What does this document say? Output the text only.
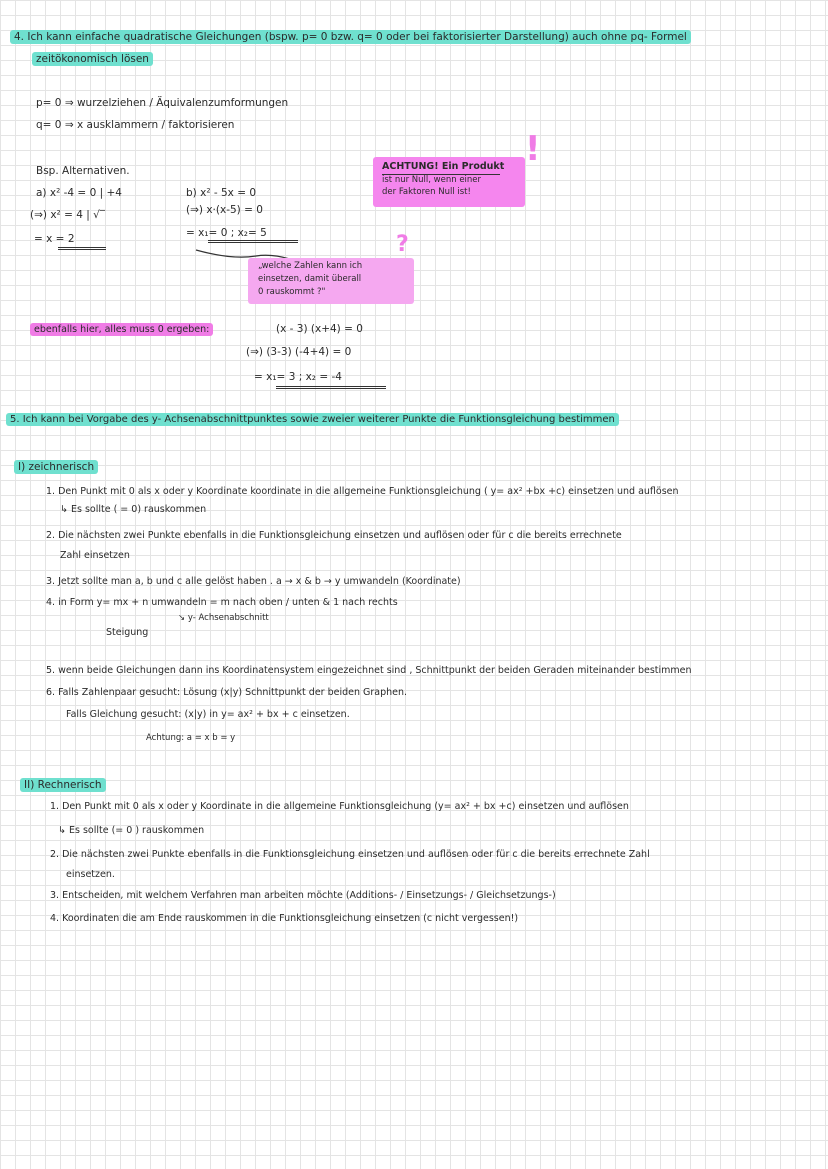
4. Ich kann einfache quadratische Gleichungen (bspw. p= 0 bzw. q= 0 oder bei faktorisierter Darstellung) auch ohne pq- Formel
zeitökonomisch lösen
p= 0 ⇒ wurzelziehen / Äquivalenzumformungen
q= 0 ⇒ x ausklammern / faktorisieren
Bsp. Alternativen.
a) x² -4 = 0 | +4
(⇒) x² = 4 | √‾
= x = 2
b) x² - 5x = 0
(⇒) x·(x-5) = 0
= x₁= 0 ; x₂= 5
ACHTUNG! Ein Produkt
ist nur Null, wenn einer
der Faktoren Null ist!
!
„welche Zahlen kann ich
einsetzen, damit überall
0 rauskommt ?"
?
ebenfalls hier, alles muss 0 ergeben:	(x - 3) (x+4) = 0
(⇒) (3-3) (-4+4) = 0
= x₁= 3 ; x₂ = -4
5. Ich kann bei Vorgabe des y- Achsenabschnittpunktes sowie zweier weiterer Punkte die Funktionsgleichung bestimmen
I) zeichnerisch
1. Den Punkt mit 0 als x oder y Koordinate koordinate in die allgemeine Funktionsgleichung ( y= ax² +bx +c) einsetzen und auflösen
↳ Es sollte ( = 0) rauskommen
2. Die nächsten zwei Punkte ebenfalls in die Funktionsgleichung einsetzen und auflösen oder für c die bereits errechnete
Zahl einsetzen
3. Jetzt sollte man a, b und c alle gelöst haben . a → x & b → y umwandeln (Koordinate)
4. in Form y= mx + n umwandeln = m nach oben / unten & 1 nach rechts
↘ y- Achsenabschnitt
Steigung
5. wenn beide Gleichungen dann ins Koordinatensystem eingezeichnet sind , Schnittpunkt der beiden Geraden miteinander bestimmen
6. Falls Zahlenpaar gesucht: Lösung (x|y) Schnittpunkt der beiden Graphen.
Falls Gleichung gesucht: (x|y) in y= ax² + bx + c einsetzen.
Achtung: a = x b = y
II) Rechnerisch
1. Den Punkt mit 0 als x oder y Koordinate in die allgemeine Funktionsgleichung (y= ax² + bx +c) einsetzen und auflösen
↳ Es sollte (= 0 ) rauskommen
2. Die nächsten zwei Punkte ebenfalls in die Funktionsgleichung einsetzen und auflösen oder für c die bereits errechnete Zahl
einsetzen.
3. Entscheiden, mit welchem Verfahren man arbeiten möchte (Additions- / Einsetzungs- / Gleichsetzungs-)
4. Koordinaten die am Ende rauskommen in die Funktionsgleichung einsetzen (c nicht vergessen!)
